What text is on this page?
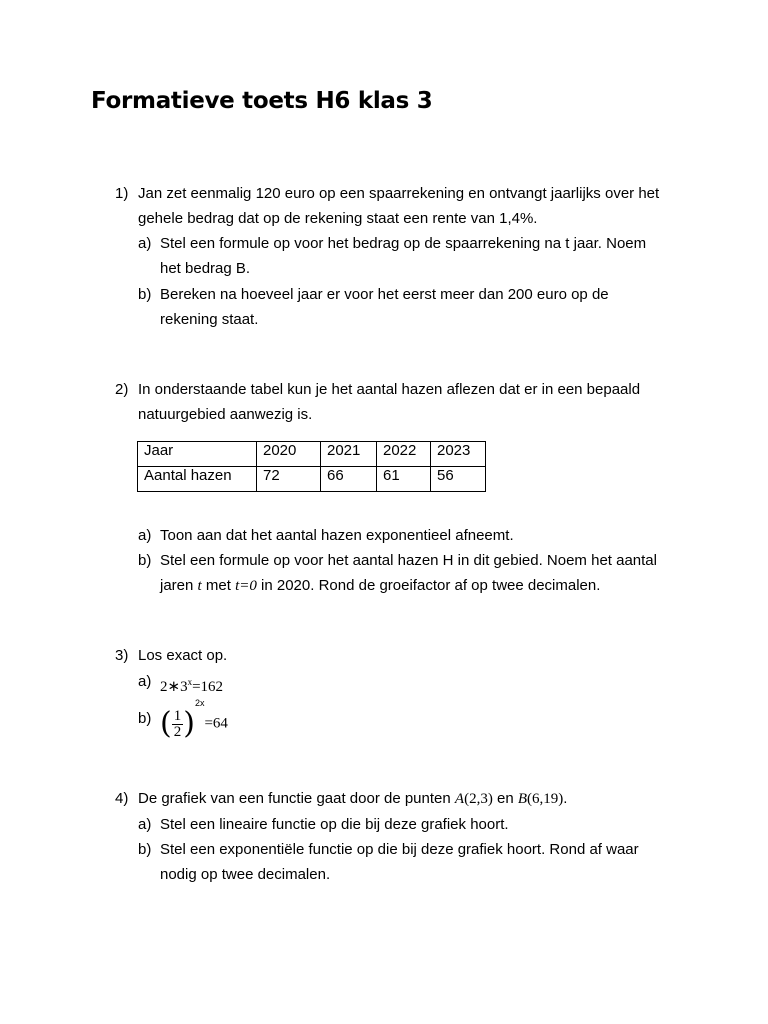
Formatieve toets H6 klas 3
1) Jan zet eenmalig 120 euro op een spaarrekening en ontvangt jaarlijks over het
gehele bedrag dat op de rekening staat een rente van 1,4%.
a) Stel een formule op voor het bedrag op de spaarrekening na t jaar. Noem
het bedrag B.
b) Bereken na hoeveel jaar er voor het eerst meer dan 200 euro op de
rekening staat.
2) In onderstaande tabel kun je het aantal hazen aflezen dat er in een bepaald
natuurgebied aanwezig is.
Jaar	2020	2021	2022	2023
Aantal hazen	72	66	61	56
a) Toon aan dat het aantal hazen exponentieel afneemt.
b) Stel een formule op voor het aantal hazen H in dit gebied. Noem het aantal
jaren t met t=0 in 2020. Rond de groeifactor af op twee decimalen.
3) Los exact op.
a) $2∗3^x=162$
b) ( $\frac{1}{2} )^{2x}=64$
4) De grafiek van een functie gaat door de punten A(2,3) en B(6,19).
a) Stel een lineaire functie op die bij deze grafiek hoort.
b) Stel een exponentiële functie op die bij deze grafiek hoort. Rond af waar
nodig op twee decimalen.
